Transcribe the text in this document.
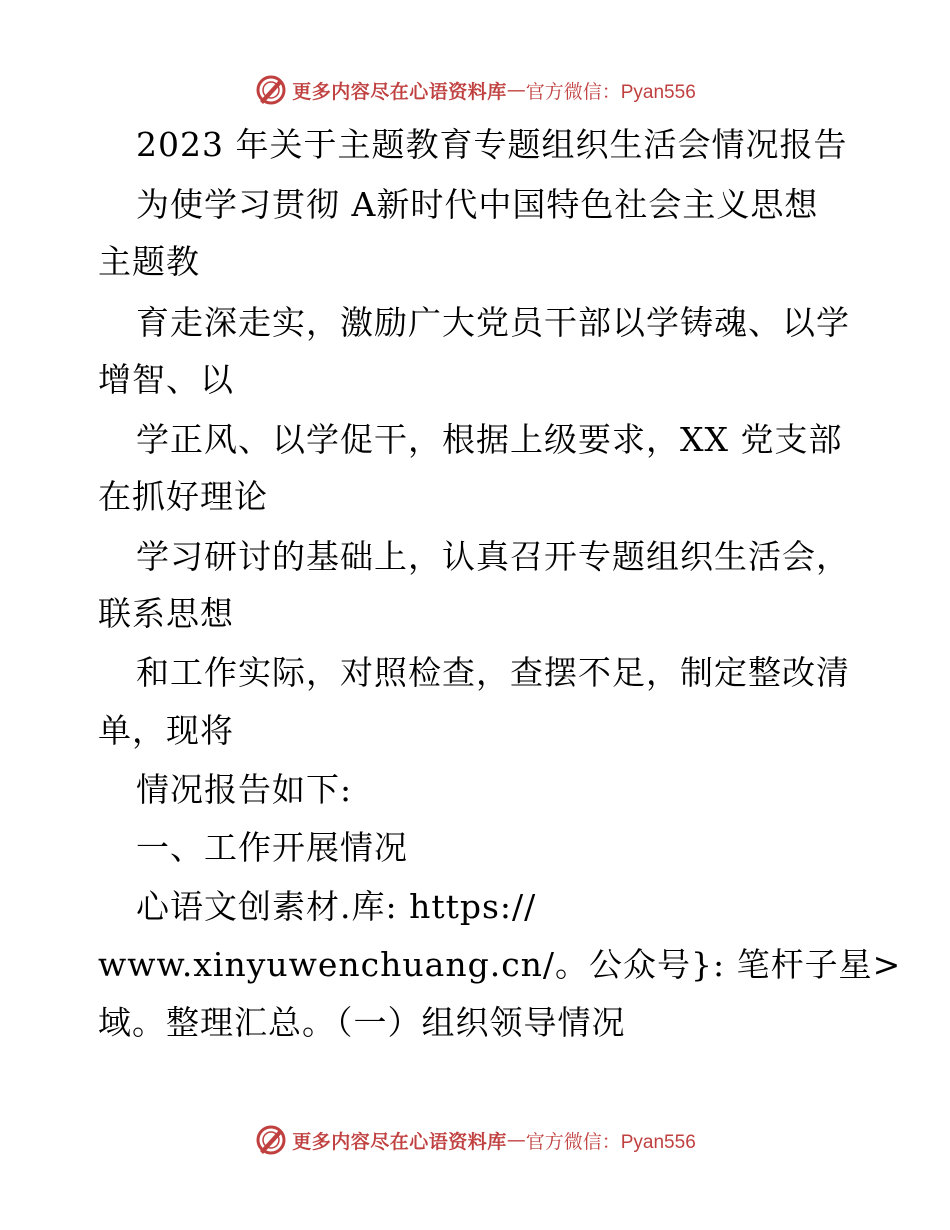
更多内容尽在心语资料库 — 官方微信：Pyan556
2023 年关于主题教育专题组织生活会情况报告
为使学习贯彻 A新时代中国特色社会主义思想
主题教
育走深走实，激励广大党员干部以学铸魂、以学
增智、以
学正风、以学促干，根据上级要求，XX 党支部
在抓好理论
学习研讨的基础上，认真召开专题组织生活会，
联系思想
和工作实际，对照检查，查摆不足，制定整改清
单，现将
情况报告如下:
一、工作开展情况
心语文创素材.库: https://
www.xinyuwenchuang.cn/。公众号}: 笔杆子星>
域。整理汇总。（一）组织领导情况
更多内容尽在心语资料库 — 官方微信：Pyan556
